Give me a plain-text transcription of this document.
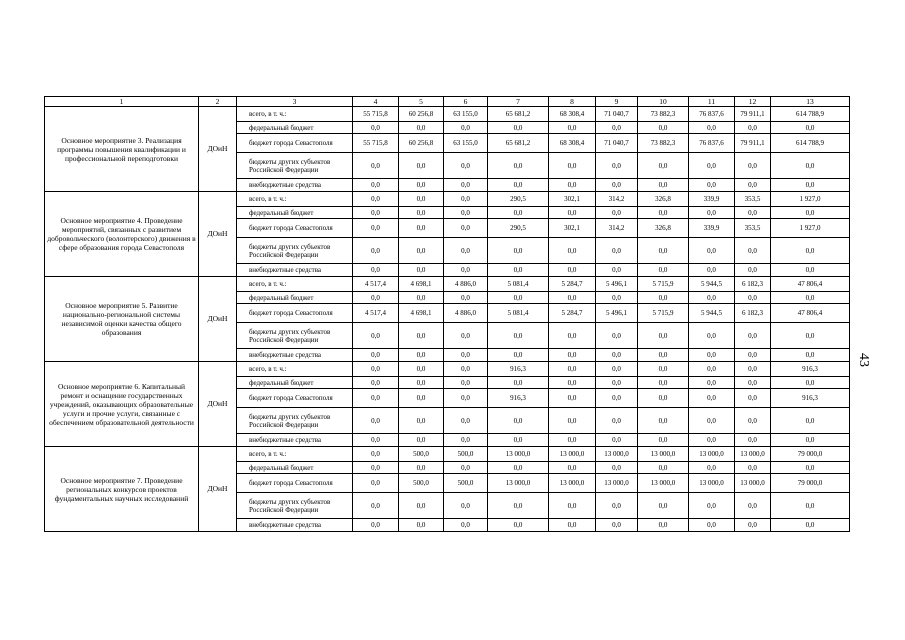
1	2	3	4	5	6	7	8	9	10	11	12	13
Основное мероприятие 3. Реализация программы повышения квалификации и профессиональной переподготовки	ДОиН	всего, в т. ч.:	55 715,8	60 256,8	63 155,0	65 681,2	68 308,4	71 040,7	73 882,3	76 837,6	79 911,1	614 788,9
		федеральный бюджет	0,0	0,0	0,0	0,0	0,0	0,0	0,0	0,0	0,0	0,0
		бюджет города Севастополя	55 715,8	60 256,8	63 155,0	65 681,2	68 308,4	71 040,7	73 882,3	76 837,6	79 911,1	614 788,9
		бюджеты других субъектов Российской Федерации	0,0	0,0	0,0	0,0	0,0	0,0	0,0	0,0	0,0	0,0
		внебюджетные средства	0,0	0,0	0,0	0,0	0,0	0,0	0,0	0,0	0,0	0,0
Основное мероприятие 4. Проведение мероприятий, связанных с развитием добровольческого (волонтерского) движения в сфере образования города Севастополя	ДОиН	всего, в т. ч.:	0,0	0,0	0,0	290,5	302,1	314,2	326,8	339,9	353,5	1 927,0
		федеральный бюджет	0,0	0,0	0,0	0,0	0,0	0,0	0,0	0,0	0,0	0,0
		бюджет города Севастополя	0,0	0,0	0,0	290,5	302,1	314,2	326,8	339,9	353,5	1 927,0
		бюджеты других субъектов Российской Федерации	0,0	0,0	0,0	0,0	0,0	0,0	0,0	0,0	0,0	0,0
		внебюджетные средства	0,0	0,0	0,0	0,0	0,0	0,0	0,0	0,0	0,0	0,0
Основное мероприятие 5. Развитие национально-региональной системы независимой оценки качества общего образования	ДОиН	всего, в т. ч.:	4 517,4	4 698,1	4 886,0	5 081,4	5 284,7	5 496,1	5 715,9	5 944,5	6 182,3	47 806,4
		федеральный бюджет	0,0	0,0	0,0	0,0	0,0	0,0	0,0	0,0	0,0	0,0
		бюджет города Севастополя	4 517,4	4 698,1	4 886,0	5 081,4	5 284,7	5 496,1	5 715,9	5 944,5	6 182,3	47 806,4
		бюджеты других субъектов Российской Федерации	0,0	0,0	0,0	0,0	0,0	0,0	0,0	0,0	0,0	0,0
		внебюджетные средства	0,0	0,0	0,0	0,0	0,0	0,0	0,0	0,0	0,0	0,0
Основное мероприятие 6. Капитальный ремонт и оснащение государственных учреждений, оказывающих образовательные услуги и прочие услуги, связанные с обеспечением образовательной деятельности	ДОиН	всего, в т. ч.:	0,0	0,0	0,0	916,3	0,0	0,0	0,0	0,0	0,0	916,3
		федеральный бюджет	0,0	0,0	0,0	0,0	0,0	0,0	0,0	0,0	0,0	0,0
		бюджет города Севастополя	0,0	0,0	0,0	916,3	0,0	0,0	0,0	0,0	0,0	916,3
		бюджеты других субъектов Российской Федерации	0,0	0,0	0,0	0,0	0,0	0,0	0,0	0,0	0,0	0,0
		внебюджетные средства	0,0	0,0	0,0	0,0	0,0	0,0	0,0	0,0	0,0	0,0
Основное мероприятие 7. Проведение региональных конкурсов проектов фундаментальных научных исследований	ДОиН	всего, в т. ч.:	0,0	500,0	500,0	13 000,0	13 000,0	13 000,0	13 000,0	13 000,0	13 000,0	79 000,0
		федеральный бюджет	0,0	0,0	0,0	0,0	0,0	0,0	0,0	0,0	0,0	0,0
		бюджет города Севастополя	0,0	500,0	500,0	13 000,0	13 000,0	13 000,0	13 000,0	13 000,0	13 000,0	79 000,0
		бюджеты других субъектов Российской Федерации	0,0	0,0	0,0	0,0	0,0	0,0	0,0	0,0	0,0	0,0
		внебюджетные средства	0,0	0,0	0,0	0,0	0,0	0,0	0,0	0,0	0,0	0,0
43
